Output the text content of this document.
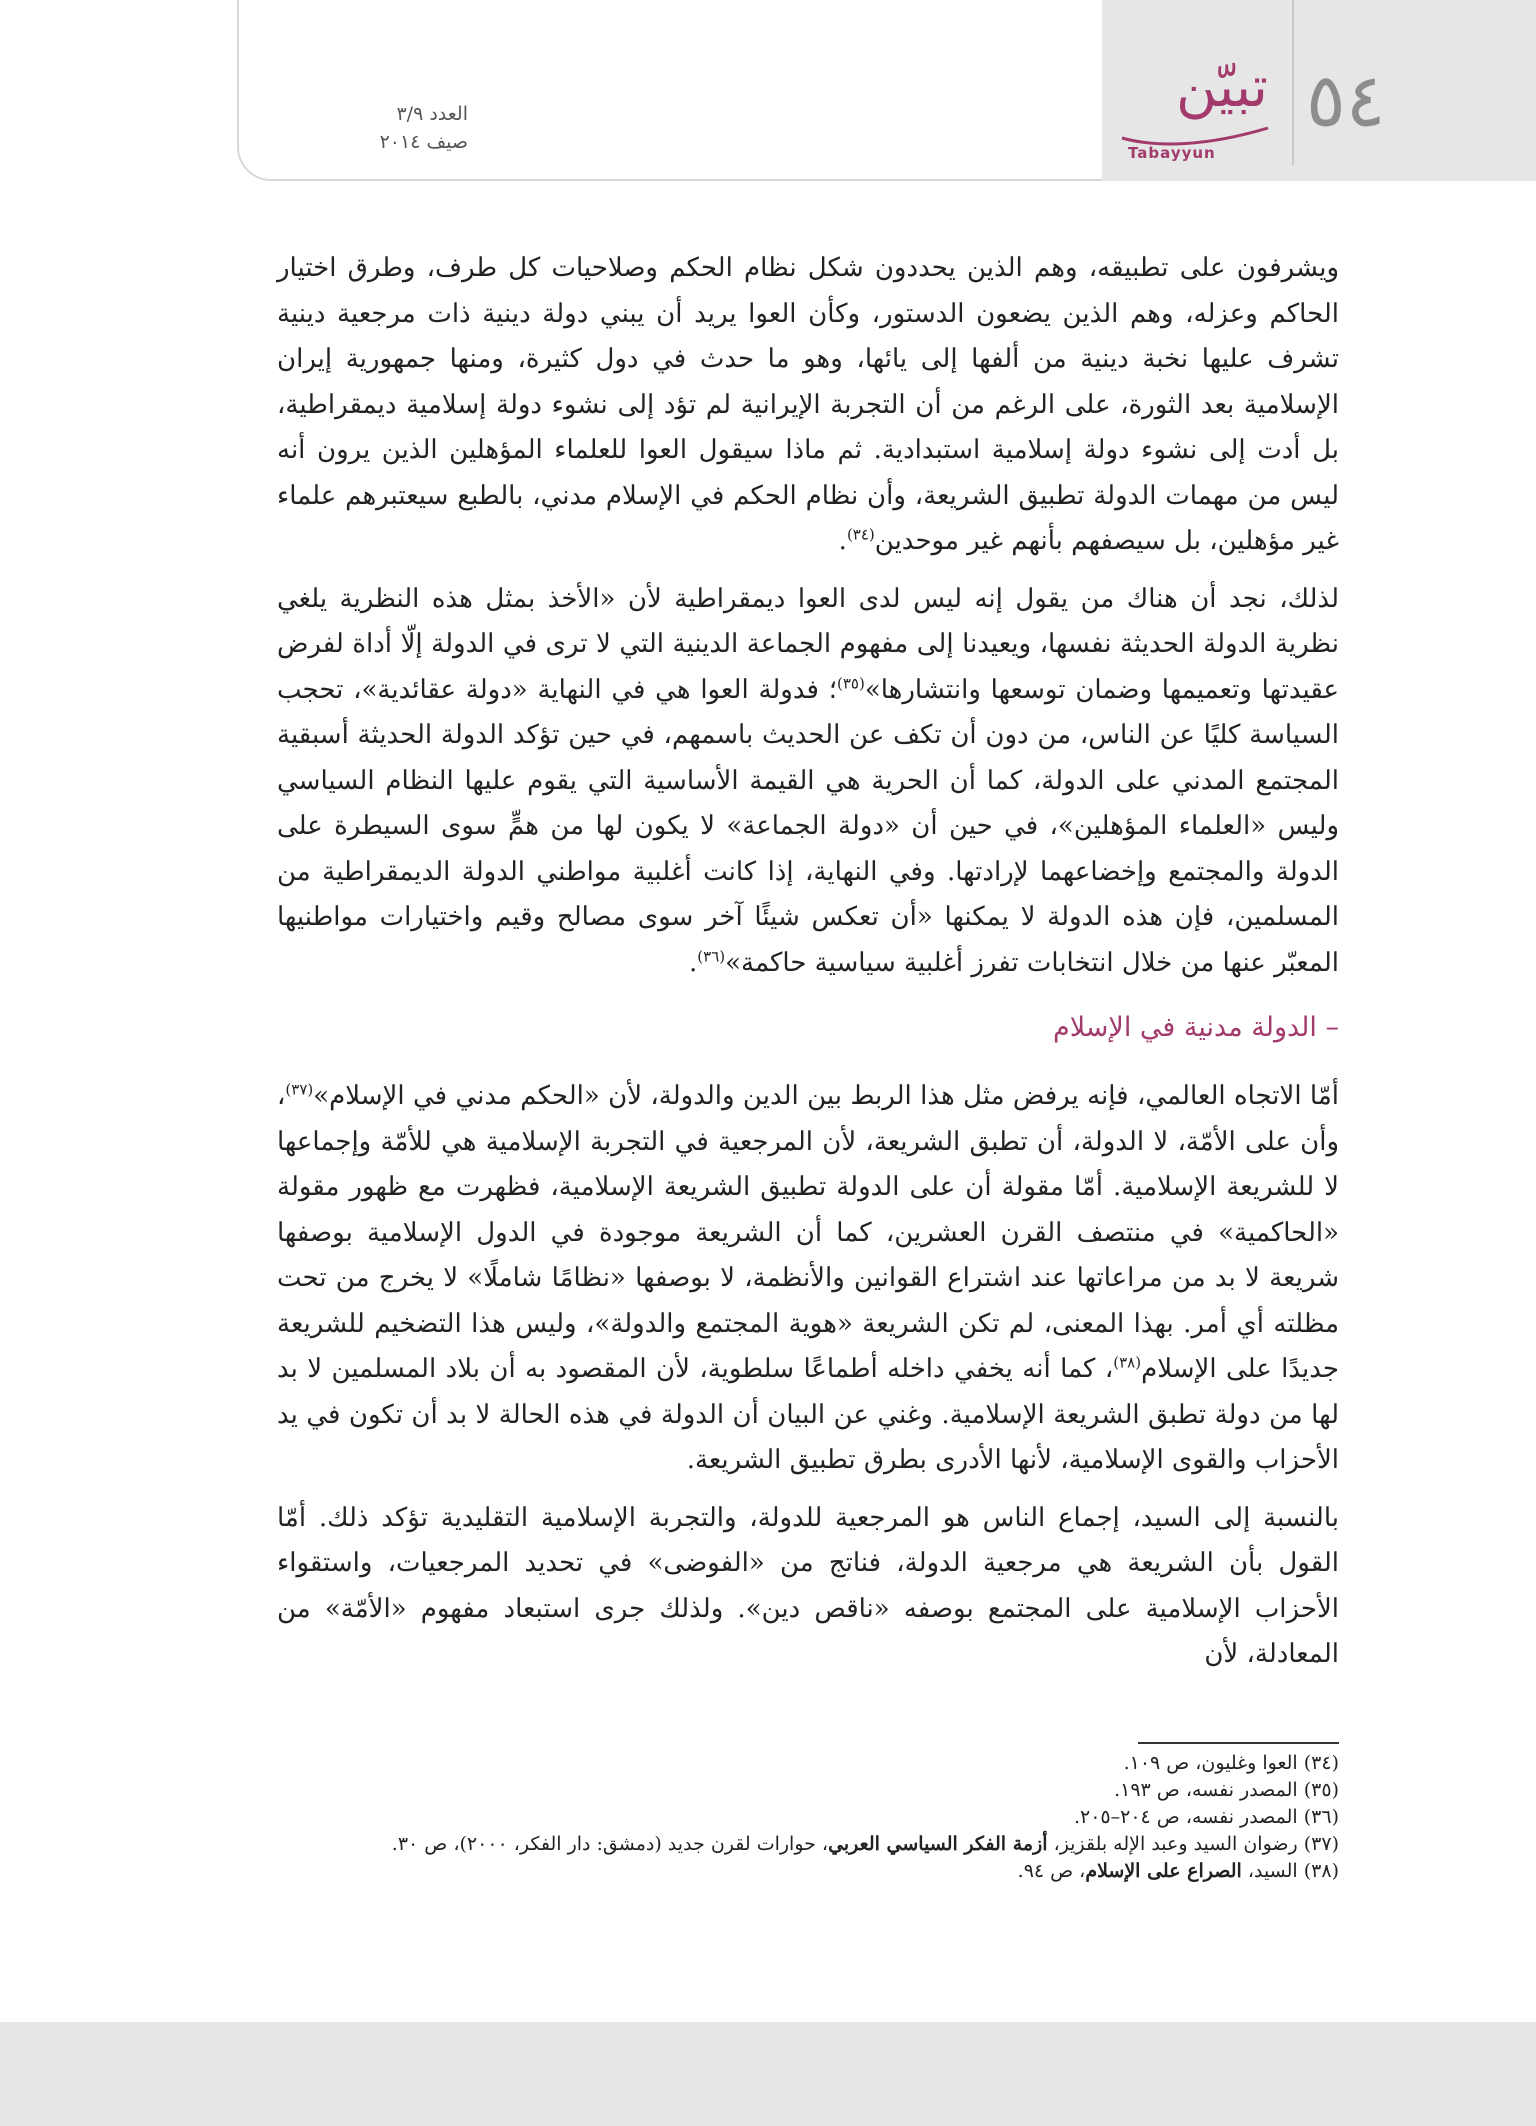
٥٤
تبيّن
Tabayyun
العدد ٣/٩
صيف ٢٠١٤

ويشرفون على تطبيقه، وهم الذين يحددون شكل نظام الحكم وصلاحيات كل طرف، وطرق اختيار الحاكم وعزله، وهم الذين يضعون الدستور، وكأن العوا يريد أن يبني دولة دينية ذات مرجعية دينية تشرف عليها نخبة دينية من ألفها إلى يائها، وهو ما حدث في دول كثيرة، ومنها جمهورية إيران الإسلامية بعد الثورة، على الرغم من أن التجربة الإيرانية لم تؤد إلى نشوء دولة إسلامية ديمقراطية، بل أدت إلى نشوء دولة إسلامية استبدادية. ثم ماذا سيقول العوا للعلماء المؤهلين الذين يرون أنه ليس من مهمات الدولة تطبيق الشريعة، وأن نظام الحكم في الإسلام مدني، بالطبع سيعتبرهم علماء غير مؤهلين، بل سيصفهم بأنهم غير موحدين$^{(٣٤)}$.

لذلك، نجد أن هناك من يقول إنه ليس لدى العوا ديمقراطية لأن «الأخذ بمثل هذه النظرية يلغي نظرية الدولة الحديثة نفسها، ويعيدنا إلى مفهوم الجماعة الدينية التي لا ترى في الدولة إلّا أداة لفرض عقيدتها وتعميمها وضمان توسعها وانتشارها»$^{(٣٥)}$؛ فدولة العوا هي في النهاية «دولة عقائدية»، تحجب السياسة كليًا عن الناس، من دون أن تكف عن الحديث باسمهم، في حين تؤكد الدولة الحديثة أسبقية المجتمع المدني على الدولة، كما أن الحرية هي القيمة الأساسية التي يقوم عليها النظام السياسي وليس «العلماء المؤهلين»، في حين أن «دولة الجماعة» لا يكون لها من همٍّ سوى السيطرة على الدولة والمجتمع وإخضاعهما لإرادتها. وفي النهاية، إذا كانت أغلبية مواطني الدولة الديمقراطية من المسلمين، فإن هذه الدولة لا يمكنها «أن تعكس شيئًا آخر سوى مصالح وقيم واختيارات مواطنيها المعبّر عنها من خلال انتخابات تفرز أغلبية سياسية حاكمة»$^{(٣٦)}$.

– الدولة مدنية في الإسلام

أمّا الاتجاه العالمي، فإنه يرفض مثل هذا الربط بين الدين والدولة، لأن «الحكم مدني في الإسلام»$^{(٣٧)}$، وأن على الأمّة، لا الدولة، أن تطبق الشريعة، لأن المرجعية في التجربة الإسلامية هي للأمّة وإجماعها لا للشريعة الإسلامية. أمّا مقولة أن على الدولة تطبيق الشريعة الإسلامية، فظهرت مع ظهور مقولة «الحاكمية» في منتصف القرن العشرين، كما أن الشريعة موجودة في الدول الإسلامية بوصفها شريعة لا بد من مراعاتها عند اشتراع القوانين والأنظمة، لا بوصفها «نظامًا شاملًا» لا يخرج من تحت مظلته أي أمر. بهذا المعنى، لم تكن الشريعة «هوية المجتمع والدولة»، وليس هذا التضخيم للشريعة جديدًا على الإسلام$^{(٣٨)}$، كما أنه يخفي داخله أطماعًا سلطوية، لأن المقصود به أن بلاد المسلمين لا بد لها من دولة تطبق الشريعة الإسلامية. وغني عن البيان أن الدولة في هذه الحالة لا بد أن تكون في يد الأحزاب والقوى الإسلامية، لأنها الأدرى بطرق تطبيق الشريعة.

بالنسبة إلى السيد، إجماع الناس هو المرجعية للدولة، والتجربة الإسلامية التقليدية تؤكد ذلك. أمّا القول بأن الشريعة هي مرجعية الدولة، فناتج من «الفوضى» في تحديد المرجعيات، واستقواء الأحزاب الإسلامية على المجتمع بوصفه «ناقص دين». ولذلك جرى استبعاد مفهوم «الأمّة» من المعادلة، لأن

(٣٤) العوا وغليون، ص ١٠٩.
(٣٥) المصدر نفسه، ص ١٩٣.
(٣٦) المصدر نفسه، ص ٢٠٤–٢٠٥.
(٣٧) رضوان السيد وعبد الإله بلقزيز، أزمة الفكر السياسي العربي، حوارات لقرن جديد (دمشق: دار الفكر، ٢٠٠٠)، ص ٣٠.
(٣٨) السيد، الصراع على الإسلام، ص ٩٤.
